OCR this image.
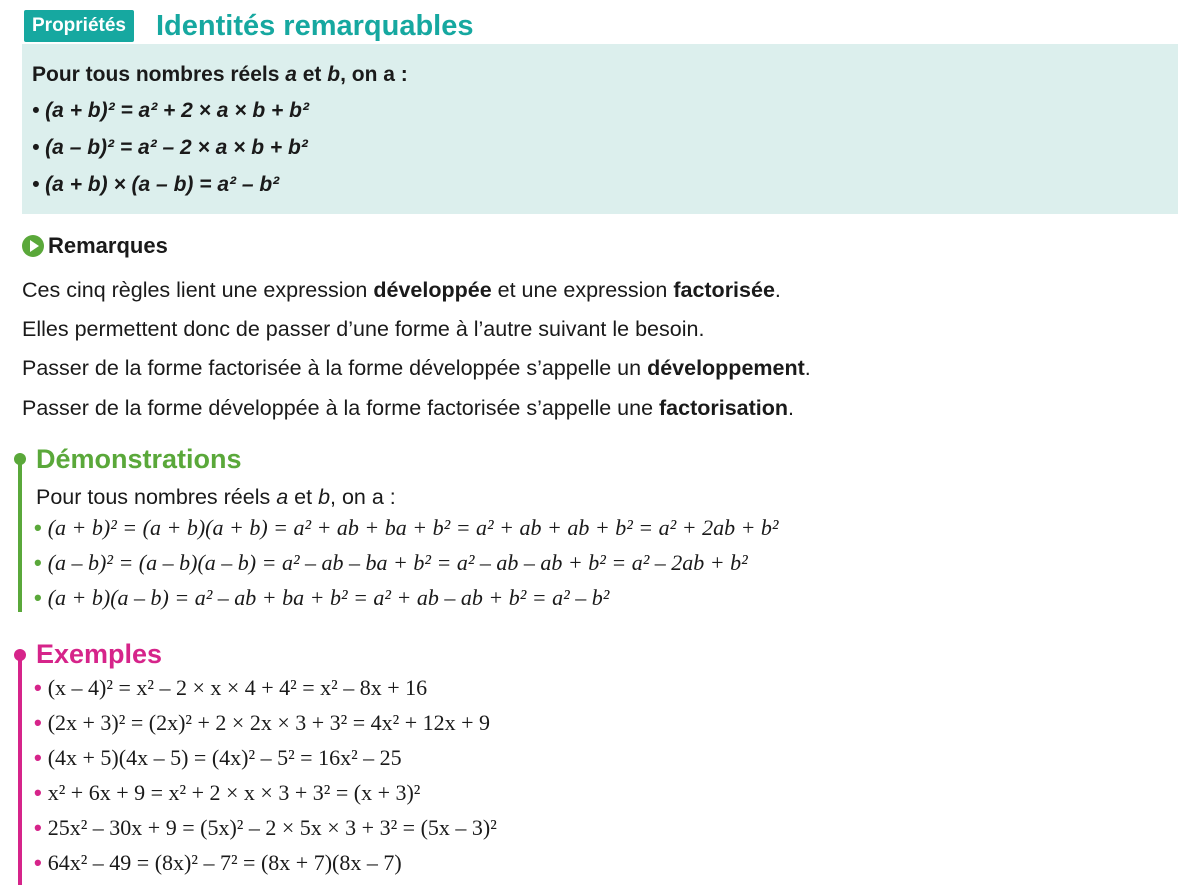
Propriétés Identités remarquables
Pour tous nombres réels a et b, on a :
• (a + b)² = a² + 2 × a × b + b²
• (a – b)² = a² – 2 × a × b + b²
• (a + b) × (a – b) = a² – b²
Remarques
Ces cinq règles lient une expression développée et une expression factorisée.
Elles permettent donc de passer d’une forme à l’autre suivant le besoin.
Passer de la forme factorisée à la forme développée s’appelle un développement.
Passer de la forme développée à la forme factorisée s’appelle une factorisation.
Démonstrations
Pour tous nombres réels a et b, on a :
• (a + b)² = (a + b)(a + b) = a² + ab + ba + b² = a² + ab + ab + b² = a² + 2ab + b²
• (a – b)² = (a – b)(a – b) = a² – ab – ba + b² = a² – ab – ab + b² = a² – 2ab + b²
• (a + b)(a – b) = a² – ab + ba + b² = a² + ab – ab + b² = a² – b²
Exemples
• (x – 4)² = x² – 2 × x × 4 + 4² = x² – 8x + 16
• (2x + 3)² = (2x)² + 2 × 2x × 3 + 3² = 4x² + 12x + 9
• (4x + 5)(4x – 5) = (4x)² – 5² = 16x² – 25
• x² + 6x + 9 = x² + 2 × x × 3 + 3² = (x + 3)²
• 25x² – 30x + 9 = (5x)² – 2 × 5x × 3 + 3² = (5x – 3)²
• 64x² – 49 = (8x)² – 7² = (8x + 7)(8x – 7)
